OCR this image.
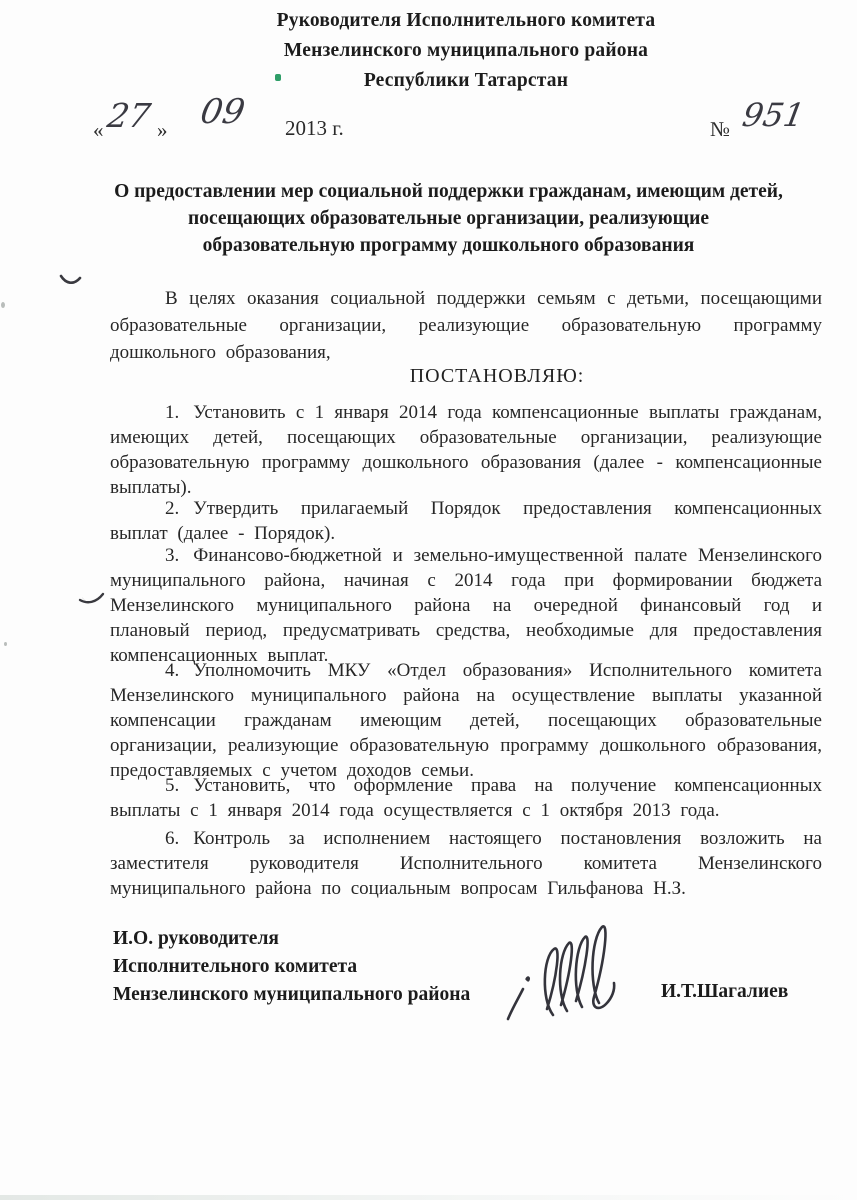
Руководителя Исполнительного комитета
Мензелинского муниципального района
Республики Татарстан
« 27 » 09 2013 г.	№ 951
О предоставлении мер социальной поддержки гражданам, имеющим детей,
посещающих образовательные организации, реализующие
образовательную программу дошкольного образования

В целях оказания социальной поддержки семьям с детьми, посещающими образовательные организации, реализующие образовательную программу дошкольного образования,

ПОСТАНОВЛЯЮ:

1. Установить с 1 января 2014 года компенсационные выплаты гражданам, имеющих детей, посещающих образовательные организации, реализующие образовательную программу дошкольного образования (далее - компенсационные выплаты).

2. Утвердить прилагаемый Порядок предоставления компенсационных выплат (далее - Порядок).

3. Финансово-бюджетной и земельно-имущественной палате Мензелинского муниципального района, начиная с 2014 года при формировании бюджета Мензелинского муниципального района на очередной финансовый год и плановый период, предусматривать средства, необходимые для предоставления компенсационных выплат.

4. Уполномочить МКУ «Отдел образования» Исполнительного комитета Мензелинского муниципального района на осуществление выплаты указанной компенсации гражданам имеющим детей, посещающих образовательные организации, реализующие образовательную программу дошкольного образования, предоставляемых с учетом доходов семьи.

5. Установить, что оформление права на получение компенсационных выплаты с 1 января 2014 года осуществляется с 1 октября 2013 года.

6. Контроль за исполнением настоящего постановления возложить на заместителя руководителя Исполнительного комитета Мензелинского муниципального района по социальным вопросам Гильфанова Н.З.

И.О. руководителя
Исполнительного комитета
Мензелинского муниципального района	И.Т.Шагалиев
